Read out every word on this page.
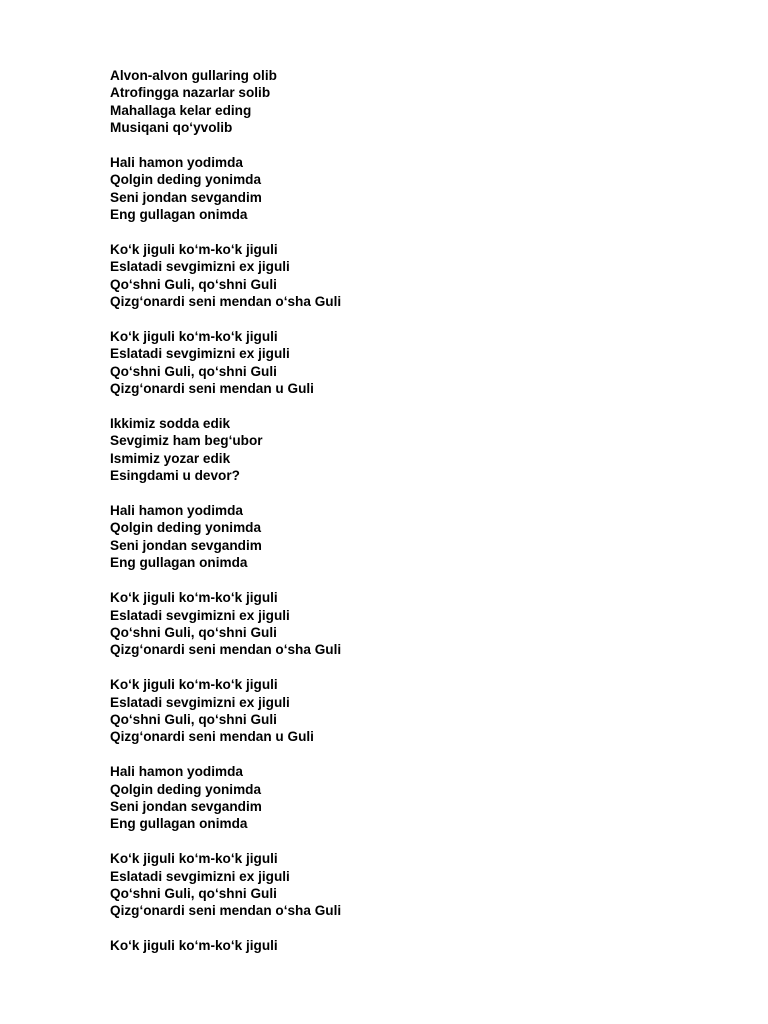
Alvon-alvon gullaring olib
Atrofingga nazarlar solib
Mahallaga kelar eding
Musiqani qo‘yvolib
Hali hamon yodimda
Qolgin deding yonimda
Seni jondan sevgandim
Eng gullagan onimda
Ko‘k jiguli ko‘m-ko‘k jiguli
Eslatadi sevgimizni ex jiguli
Qo‘shni Guli, qo‘shni Guli
Qizg‘onardi seni mendan o‘sha Guli
Ko‘k jiguli ko‘m-ko‘k jiguli
Eslatadi sevgimizni ex jiguli
Qo‘shni Guli, qo‘shni Guli
Qizg‘onardi seni mendan u Guli
Ikkimiz sodda edik
Sevgimiz ham beg‘ubor
Ismimiz yozar edik
Esingdami u devor?
Hali hamon yodimda
Qolgin deding yonimda
Seni jondan sevgandim
Eng gullagan onimda
Ko‘k jiguli ko‘m-ko‘k jiguli
Eslatadi sevgimizni ex jiguli
Qo‘shni Guli, qo‘shni Guli
Qizg‘onardi seni mendan o‘sha Guli
Ko‘k jiguli ko‘m-ko‘k jiguli
Eslatadi sevgimizni ex jiguli
Qo‘shni Guli, qo‘shni Guli
Qizg‘onardi seni mendan u Guli
Hali hamon yodimda
Qolgin deding yonimda
Seni jondan sevgandim
Eng gullagan onimda
Ko‘k jiguli ko‘m-ko‘k jiguli
Eslatadi sevgimizni ex jiguli
Qo‘shni Guli, qo‘shni Guli
Qizg‘onardi seni mendan o‘sha Guli
Ko‘k jiguli ko‘m-ko‘k jiguli
